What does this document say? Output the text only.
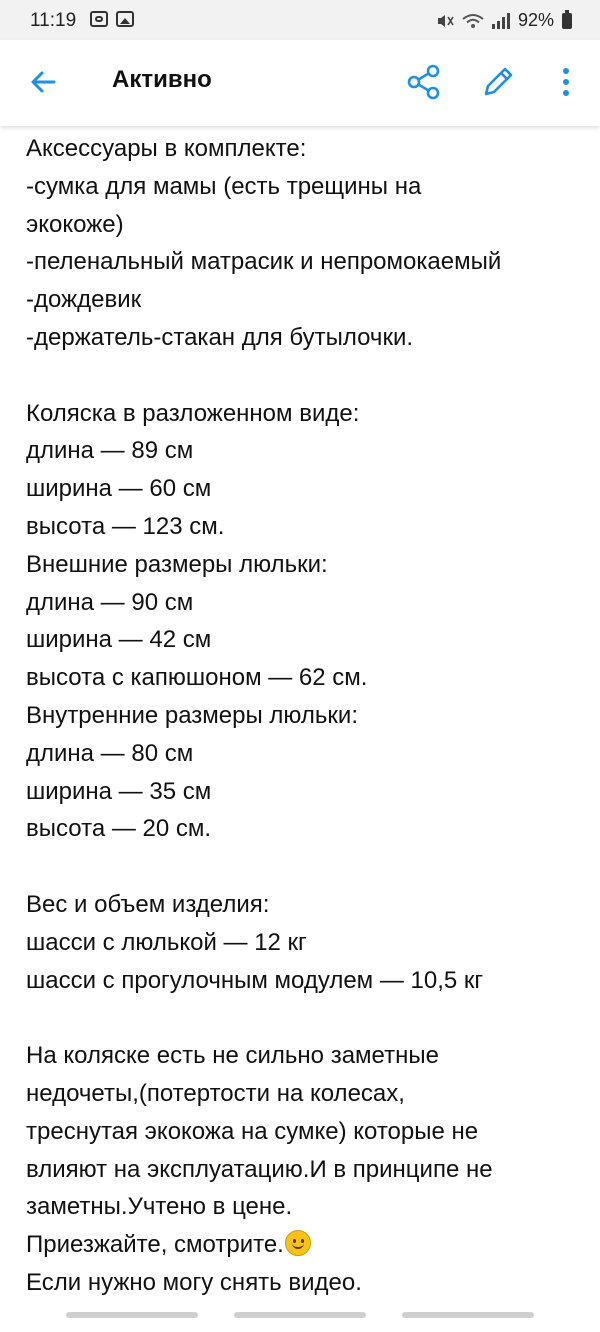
11:19	92%
Активно

Аксессуары в комплекте:

-сумка для мамы (есть трещины на

экокоже)

-пеленальный матрасик и непромокаемый

-дождевик

-держатель-стакан для бутылочки.

Коляска в разложенном виде:

длина — 89 см

ширина — 60 см

высота — 123 см.

Внешние размеры люльки:

длина — 90 см

ширина — 42 см

высота с капюшоном — 62 см.

Внутренние размеры люльки:

длина — 80 см

ширина — 35 см

высота — 20 см.

Вес и объем изделия:

шасси с люлькой — 12 кг

шасси с прогулочным модулем — 10,5 кг

На коляске есть не сильно заметные

недочеты,(потертости на колесах,

треснутая экокожа на сумке) которые не

влияют на эксплуатацию.И в принципе не

заметны.Учтено в цене.

Приезжайте, смотрите.

Если нужно могу снять видео.
